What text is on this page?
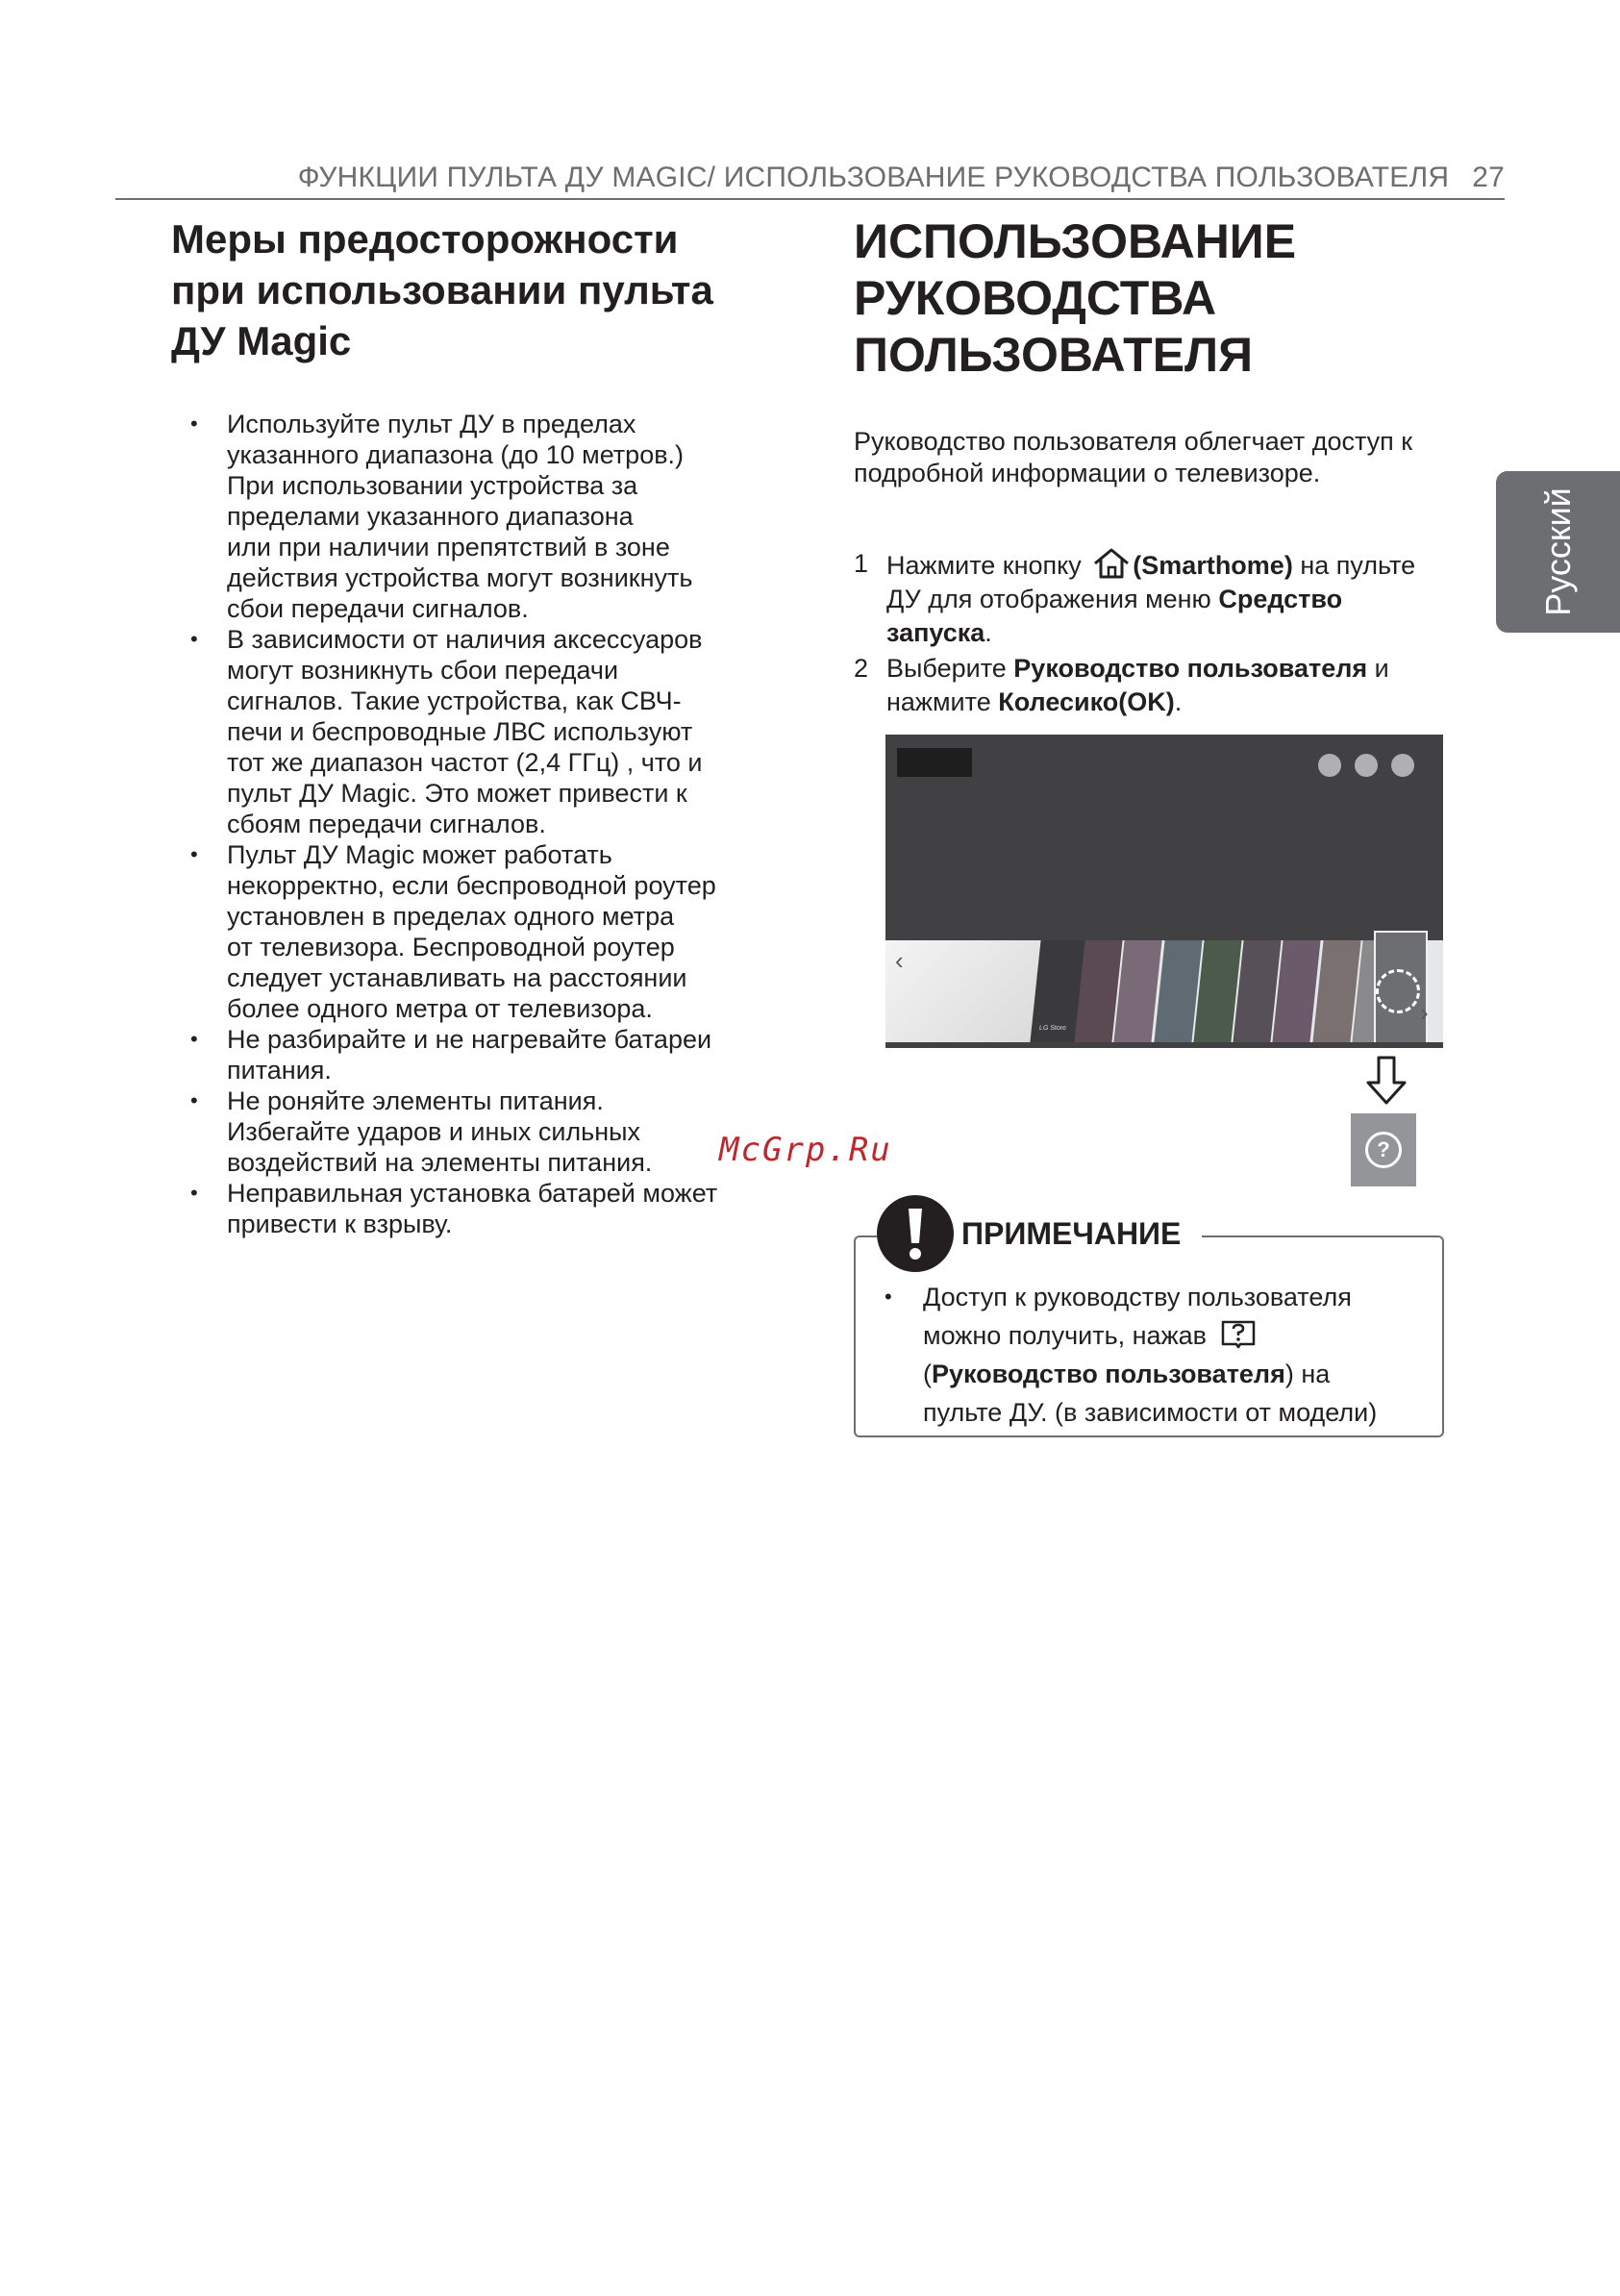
ФУНКЦИИ ПУЛЬТА ДУ MAGIC/ ИСПОЛЬЗОВАНИЕ РУКОВОДСТВА ПОЛЬЗОВАТЕЛЯ 27
Русский
Меры предосторожности
при использовании пульта
ДУ Magic
• Используйте пульт ДУ в пределах
указанного диапазона (до 10 метров.)
При использовании устройства за
пределами указанного диапазона
или при наличии препятствий в зоне
действия устройства могут возникнуть
сбои передачи сигналов.
• В зависимости от наличия аксессуаров
могут возникнуть сбои передачи
сигналов. Такие устройства, как СВЧ-
печи и беспроводные ЛВС используют
тот же диапазон частот (2,4 ГГц) , что и
пульт ДУ Magic. Это может привести к
сбоям передачи сигналов.
• Пульт ДУ Magic может работать
некорректно, если беспроводной роутер
установлен в пределах одного метра
от телевизора. Беспроводной роутер
следует устанавливать на расстоянии
более одного метра от телевизора.
• Не разбирайте и не нагревайте батареи
питания.
• Не роняйте элементы питания.
Избегайте ударов и иных сильных
воздействий на элементы питания.
• Неправильная установка батарей может
привести к взрыву.
ИСПОЛЬЗОВАНИЕ
РУКОВОДСТВА
ПОЛЬЗОВАТЕЛЯ

Руководство пользователя облегчает доступ к
подробной информации о телевизоре.

1 Нажмите кнопку (Smarthome) на пульте
ДУ для отображения меню Средство
запуска.
2 Выберите Руководство пользователя и
нажмите Колесико(OK).
‹
LG Store
›
?
McGrp.Ru
ПРИМЕЧАНИЕ
• Доступ к руководству пользователя
можно получить, нажав
(Руководство пользователя) на
пульте ДУ. (в зависимости от модели)
